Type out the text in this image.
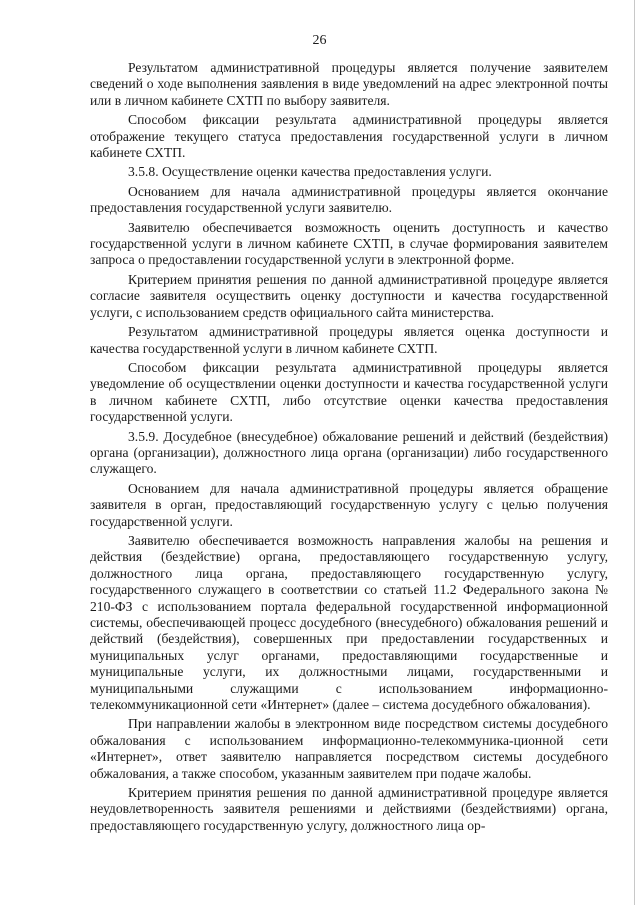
26

Результатом административной процедуры является получение заявителем сведений о ходе выполнения заявления в виде уведомлений на адрес электронной почты или в личном кабинете СХТП по выбору заявителя.

Способом фиксации результата административной процедуры является отображение текущего статуса предоставления государственной услуги в личном кабинете СХТП.

3.5.8. Осуществление оценки качества предоставления услуги.

Основанием для начала административной процедуры является окончание предоставления государственной услуги заявителю.

Заявителю обеспечивается возможность оценить доступность и качество государственной услуги в личном кабинете СХТП, в случае формирования заявителем запроса о предоставлении государственной услуги в электронной форме.

Критерием принятия решения по данной административной процедуре является согласие заявителя осуществить оценку доступности и качества государственной услуги, с использованием средств официального сайта министерства.

Результатом административной процедуры является оценка доступности и качества государственной услуги в личном кабинете СХТП.

Способом фиксации результата административной процедуры является уведомление об осуществлении оценки доступности и качества государственной услуги в личном кабинете СХТП, либо отсутствие оценки качества предоставления государственной услуги.

3.5.9. Досудебное (внесудебное) обжалование решений и действий (бездействия) органа (организации), должностного лица органа (организации) либо государственного служащего.

Основанием для начала административной процедуры является обращение заявителя в орган, предоставляющий государственную услугу с целью получения государственной услуги.

Заявителю обеспечивается возможность направления жалобы на решения и действия (бездействие) органа, предоставляющего государственную услугу, должностного лица органа, предоставляющего государственную услугу, государственного служащего в соответствии со статьей 11.2 Федерального закона № 210-ФЗ с использованием портала федеральной государственной информационной системы, обеспечивающей процесс досудебного (внесудебного) обжалования решений и действий (бездействия), совершенных при предоставлении государственных и муниципальных услуг органами, предоставляющими государственные и муниципальные услуги, их должностными лицами, государственными и муниципальными служащими с использованием информационно-телекоммуникационной сети «Интернет» (далее – система досудебного обжалования).

При направлении жалобы в электронном виде посредством системы досудебного обжалования с использованием информационно-телекоммуника-ционной сети «Интернет», ответ заявителю направляется посредством системы досудебного обжалования, а также способом, указанным заявителем при подаче жалобы.

Критерием принятия решения по данной административной процедуре является неудовлетворенность заявителя решениями и действиями (бездействиями) органа, предоставляющего государственную услугу, должностного лица ор-
